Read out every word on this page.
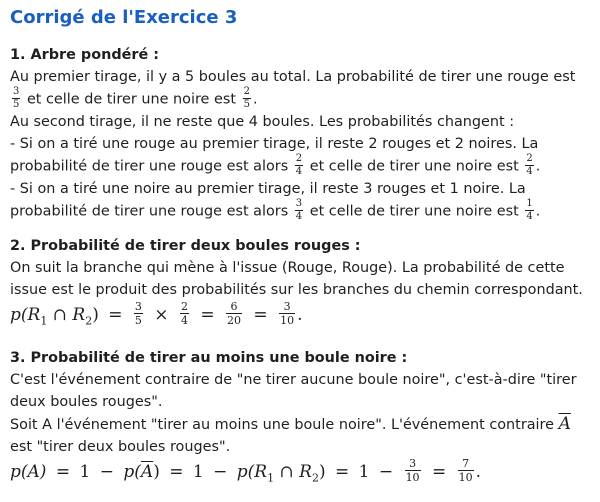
Corrigé de l'Exercice 3

1. Arbre pondéré :

Au premier tirage, il y a 5 boules au total. La probabilité de tirer une rouge est
$\frac{3}{5}$ et celle de tirer une noire est $\frac{2}{5}$ .

Au second tirage, il ne reste que 4 boules. Les probabilités changent :

- Si on a tiré une rouge au premier tirage, il reste 2 rouges et 2 noires. La probabilité de tirer une rouge est alors $\frac{2}{4}$ et celle de tirer une noire est $\frac{2}{4}$ .

- Si on a tiré une noire au premier tirage, il reste 3 rouges et 1 noire. La probabilité de tirer une rouge est alors $\frac{3}{4}$ et celle de tirer une noire est $\frac{1}{4}$ .

2. Probabilité de tirer deux boules rouges :

On suit la branche qui mène à l'issue (Rouge, Rouge). La probabilité de cette issue est le produit des probabilités sur les branches du chemin correspondant.

$p(R_1$ ∩ $R_2) = \frac{3}{5} \times \frac{2}{4} = \frac{6}{20} = \frac{3}{10}$ .

3. Probabilité de tirer au moins une boule noire :

C'est l'événement contraire de "ne tirer aucune boule noire", c'est-à-dire "tirer deux boules rouges".

Soit A l'événement "tirer au moins une boule noire". L'événement contraire $\overline{A}$ est "tirer deux boules rouges".

$p(A) = 1 - p(\overline{A}) = 1 - p(R_1$ ∩ $R_2) = 1 - \frac{3}{10} = \frac{7}{10}$ .
